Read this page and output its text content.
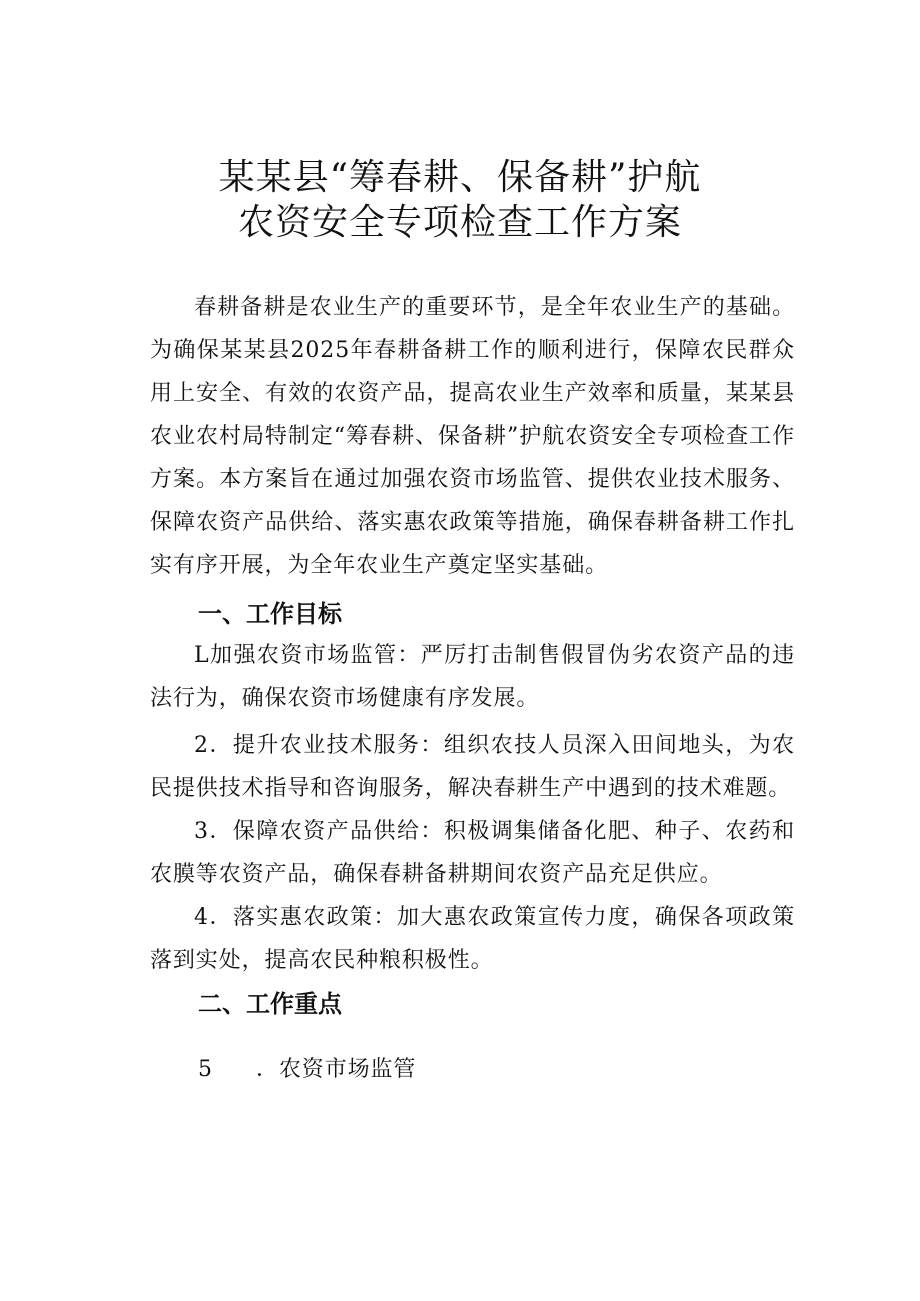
某某县“筹春耕、保备耕”护航
农资安全专项检查工作方案

春耕备耕是农业生产的重要环节，是全年农业生产的基础。为确保某某县2025年春耕备耕工作的顺利进行，保障农民群众用上安全、有效的农资产品，提高农业生产效率和质量，某某县农业农村局特制定“筹春耕、保备耕”护航农资安全专项检查工作方案。本方案旨在通过加强农资市场监管、提供农业技术服务、保障农资产品供给、落实惠农政策等措施，确保春耕备耕工作扎实有序开展，为全年农业生产奠定坚实基础。

一、工作目标

L加强农资市场监管：严厉打击制售假冒伪劣农资产品的违法行为，确保农资市场健康有序发展。

2．提升农业技术服务：组织农技人员深入田间地头，为农民提供技术指导和咨询服务，解决春耕生产中遇到的技术难题。

3．保障农资产品供给：积极调集储备化肥、种子、农药和农膜等农资产品，确保春耕备耕期间农资产品充足供应。

4．落实惠农政策：加大惠农政策宣传力度，确保各项政策落到实处，提高农民种粮积极性。

二、工作重点
5 ．农资市场监管
